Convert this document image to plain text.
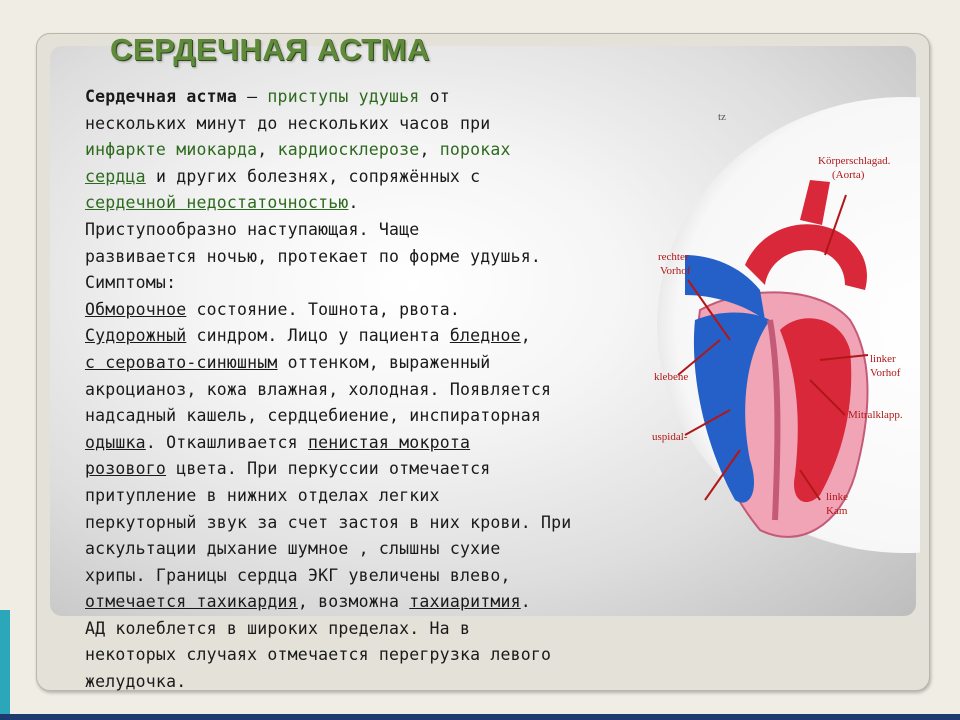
СЕРДЕЧНАЯ АСТМА
Сердечная астма — приступы удушья от
нескольких минут до нескольких часов при
инфаркте миокарда, кардиосклерозе, пороках
сердца и других болезнях, сопряжённых с
сердечной недостаточностью.
Приступообразно наступающая. Чаще
развивается ночью, протекает по форме удушья.
Симптомы:
Обморочное состояние. Тошнота, рвота.
Судорожный синдром. Лицо у пациента бледное,
с серовато-синюшным оттенком, выраженный
акроцианоз, кожа влажная, холодная. Появляется
надсадный кашель, сердцебиение, инспираторная
одышка. Откашливается пенистая мокрота
розового цвета. При перкуссии отмечается
притупление в нижних отделах легких
перкуторный звук за счет застоя в них крови. При
аскультации дыхание шумное , слышны сухие
хрипы. Границы сердца ЭКГ увеличены влево,
отмечается тахикардия, возможна тахиаритмия.
АД колеблется в широких пределах. На в
некоторых случаях отмечается перегрузка левого
желудочка.
tz
Körperschlagad.
(Aorta)
rechter
Vorhof
linker
Vorhof
klebene
Mitralklapp.
uspidal-
linke
Kam
